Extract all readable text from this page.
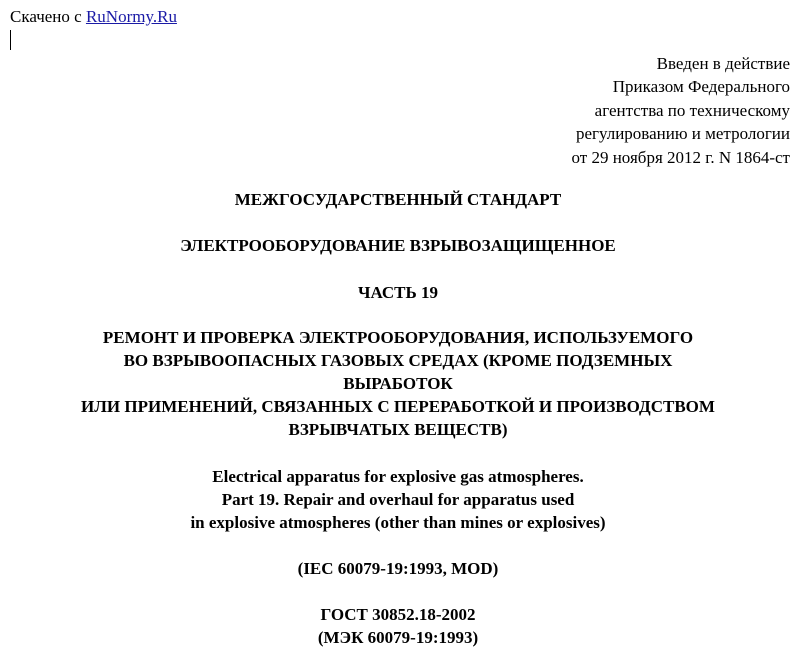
Скачено с RuNormy.Ru
Введен в действие
Приказом Федерального
агентства по техническому
регулированию и метрологии
от 29 ноября 2012 г. N 1864-ст
МЕЖГОСУДАРСТВЕННЫЙ СТАНДАРТ
ЭЛЕКТРООБОРУДОВАНИЕ ВЗРЫВОЗАЩИЩЕННОЕ
ЧАСТЬ 19
РЕМОНТ И ПРОВЕРКА ЭЛЕКТРООБОРУДОВАНИЯ, ИСПОЛЬЗУЕМОГО
ВО ВЗРЫВООПАСНЫХ ГАЗОВЫХ СРЕДАХ (КРОМЕ ПОДЗЕМНЫХ
ВЫРАБОТОК
ИЛИ ПРИМЕНЕНИЙ, СВЯЗАННЫХ С ПЕРЕРАБОТКОЙ И ПРОИЗВОДСТВОМ
ВЗРЫВЧАТЫХ ВЕЩЕСТВ)
Electrical apparatus for explosive gas atmospheres.
Part 19. Repair and overhaul for apparatus used
in explosive atmospheres (other than mines or explosives)
(IEC 60079-19:1993, MOD)
ГОСТ 30852.18-2002
(МЭК 60079-19:1993)
